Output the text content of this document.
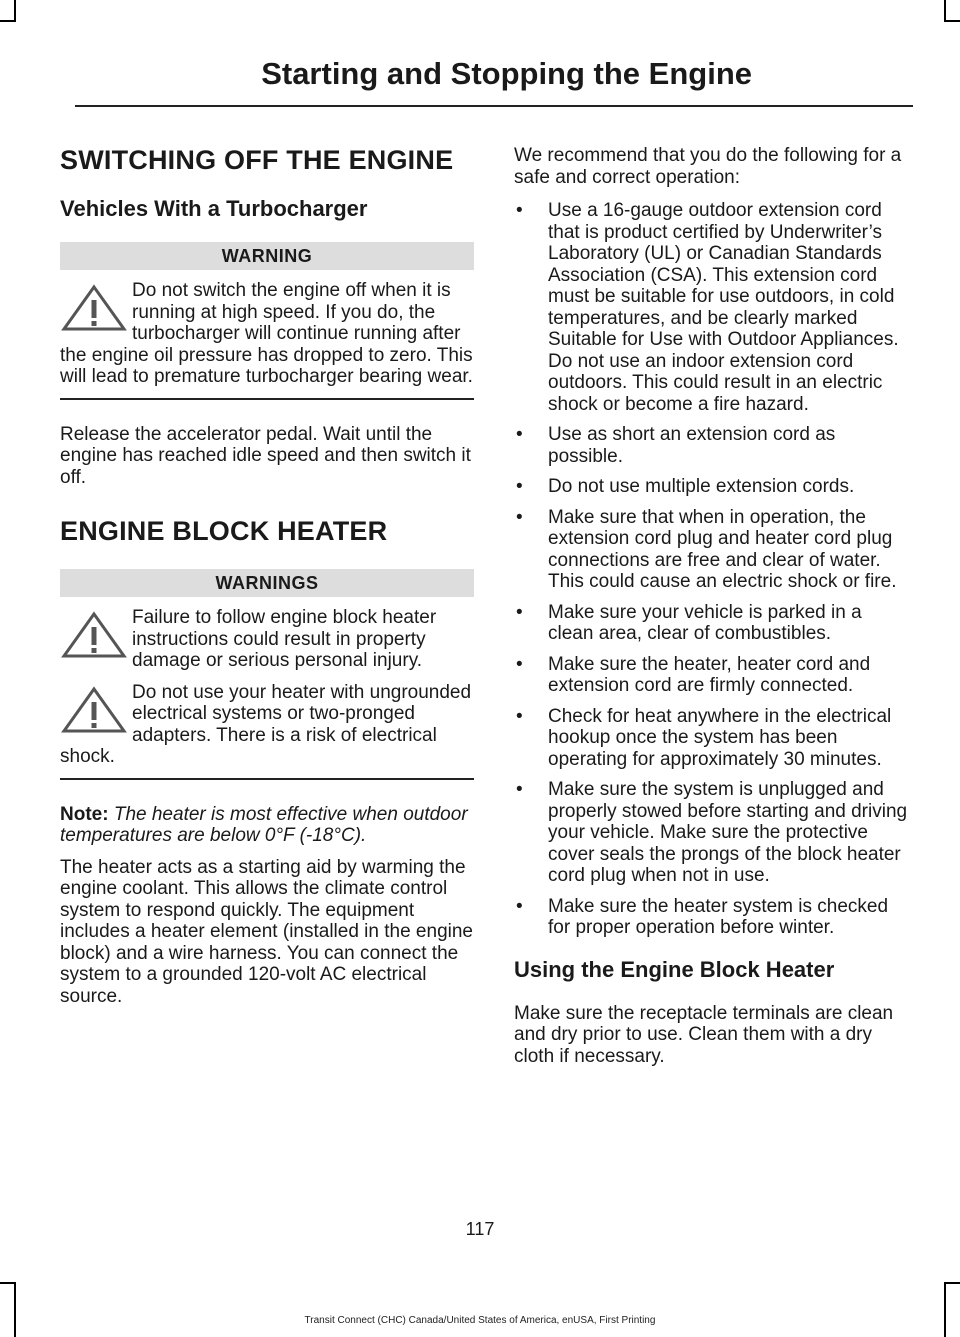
Starting and Stopping the Engine
SWITCHING OFF THE ENGINE
Vehicles With a Turbocharger
WARNING
Do not switch the engine off when it is running at high speed. If you do, the turbocharger will continue running after the engine oil pressure has dropped to zero. This will lead to premature turbocharger bearing wear.

Release the accelerator pedal. Wait until the engine has reached idle speed and then switch it off.

ENGINE BLOCK HEATER
WARNINGS
Failure to follow engine block heater instructions could result in property damage or serious personal injury.
Do not use your heater with ungrounded electrical systems or two-pronged adapters. There is a risk of electrical shock.

Note: The heater is most effective when outdoor temperatures are below 0°F (-18°C).

The heater acts as a starting aid by warming the engine coolant. This allows the climate control system to respond quickly. The equipment includes a heater element (installed in the engine block) and a wire harness. You can connect the system to a grounded 120-volt AC electrical source.

We recommend that you do the following for a safe and correct operation:

• Use a 16-gauge outdoor extension cord that is product certified by Underwriter’s Laboratory (UL) or Canadian Standards Association (CSA). This extension cord must be suitable for use outdoors, in cold temperatures, and be clearly marked Suitable for Use with Outdoor Appliances. Do not use an indoor extension cord outdoors. This could result in an electric shock or become a fire hazard.
• Use as short an extension cord as possible.
• Do not use multiple extension cords.
• Make sure that when in operation, the extension cord plug and heater cord plug connections are free and clear of water. This could cause an electric shock or fire.
• Make sure your vehicle is parked in a clean area, clear of combustibles.
• Make sure the heater, heater cord and extension cord are firmly connected.
• Check for heat anywhere in the electrical hookup once the system has been operating for approximately 30 minutes.
• Make sure the system is unplugged and properly stowed before starting and driving your vehicle. Make sure the protective cover seals the prongs of the block heater cord plug when not in use.
• Make sure the heater system is checked for proper operation before winter.
Using the Engine Block Heater

Make sure the receptacle terminals are clean and dry prior to use. Clean them with a dry cloth if necessary.

117
Transit Connect (CHC) Canada/United States of America, enUSA, First Printing
